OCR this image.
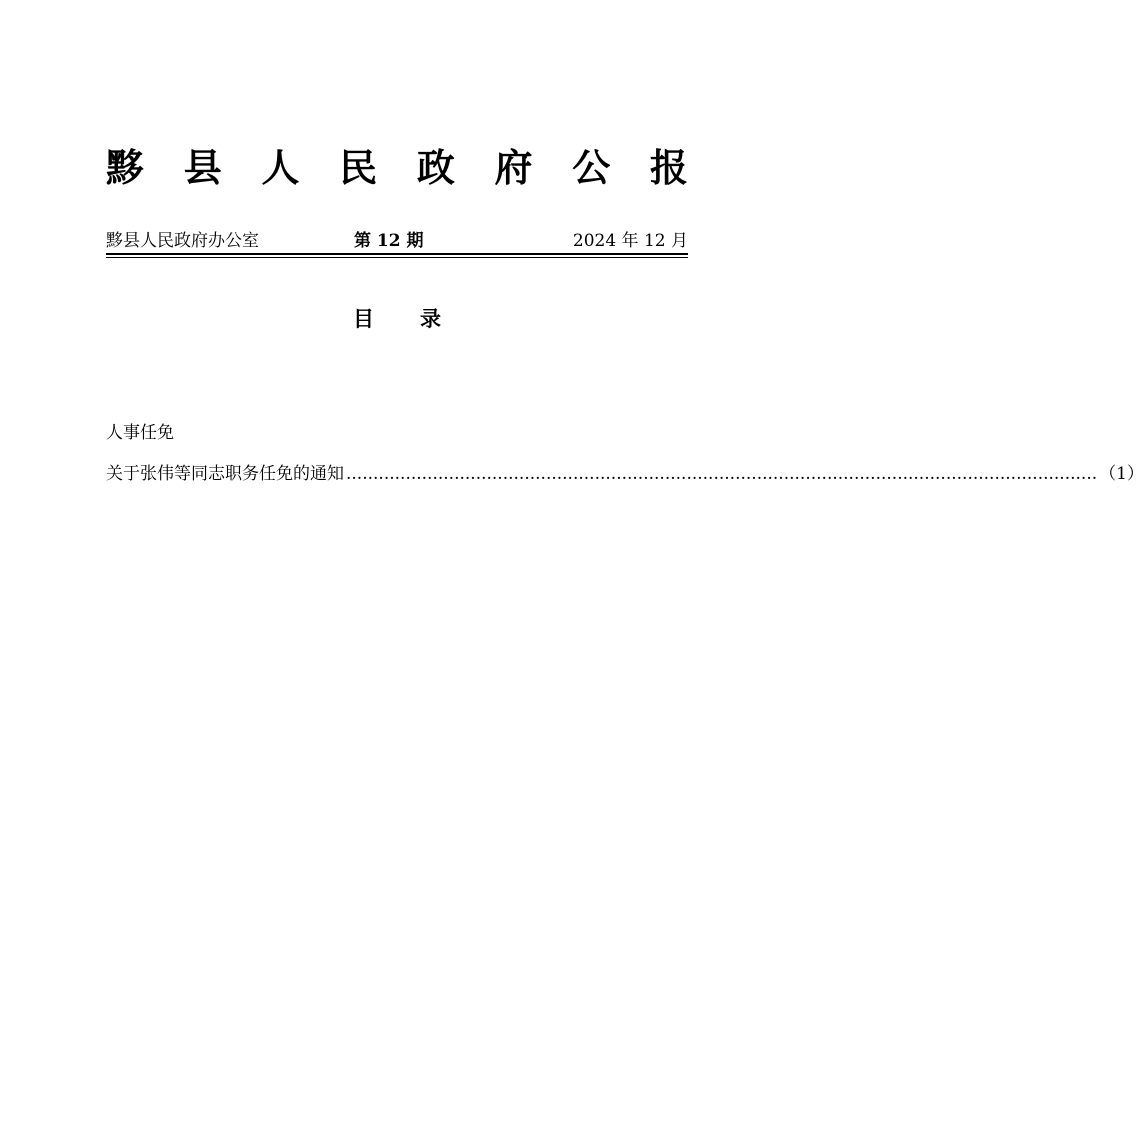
黟 县 人 民 政 府 公 报
黟县人民政府办公室	第 12 期	2024 年 12 月
目录
人事任免
关于张伟等同志职务任免的通知 ........................................................................................................................................... （1）
